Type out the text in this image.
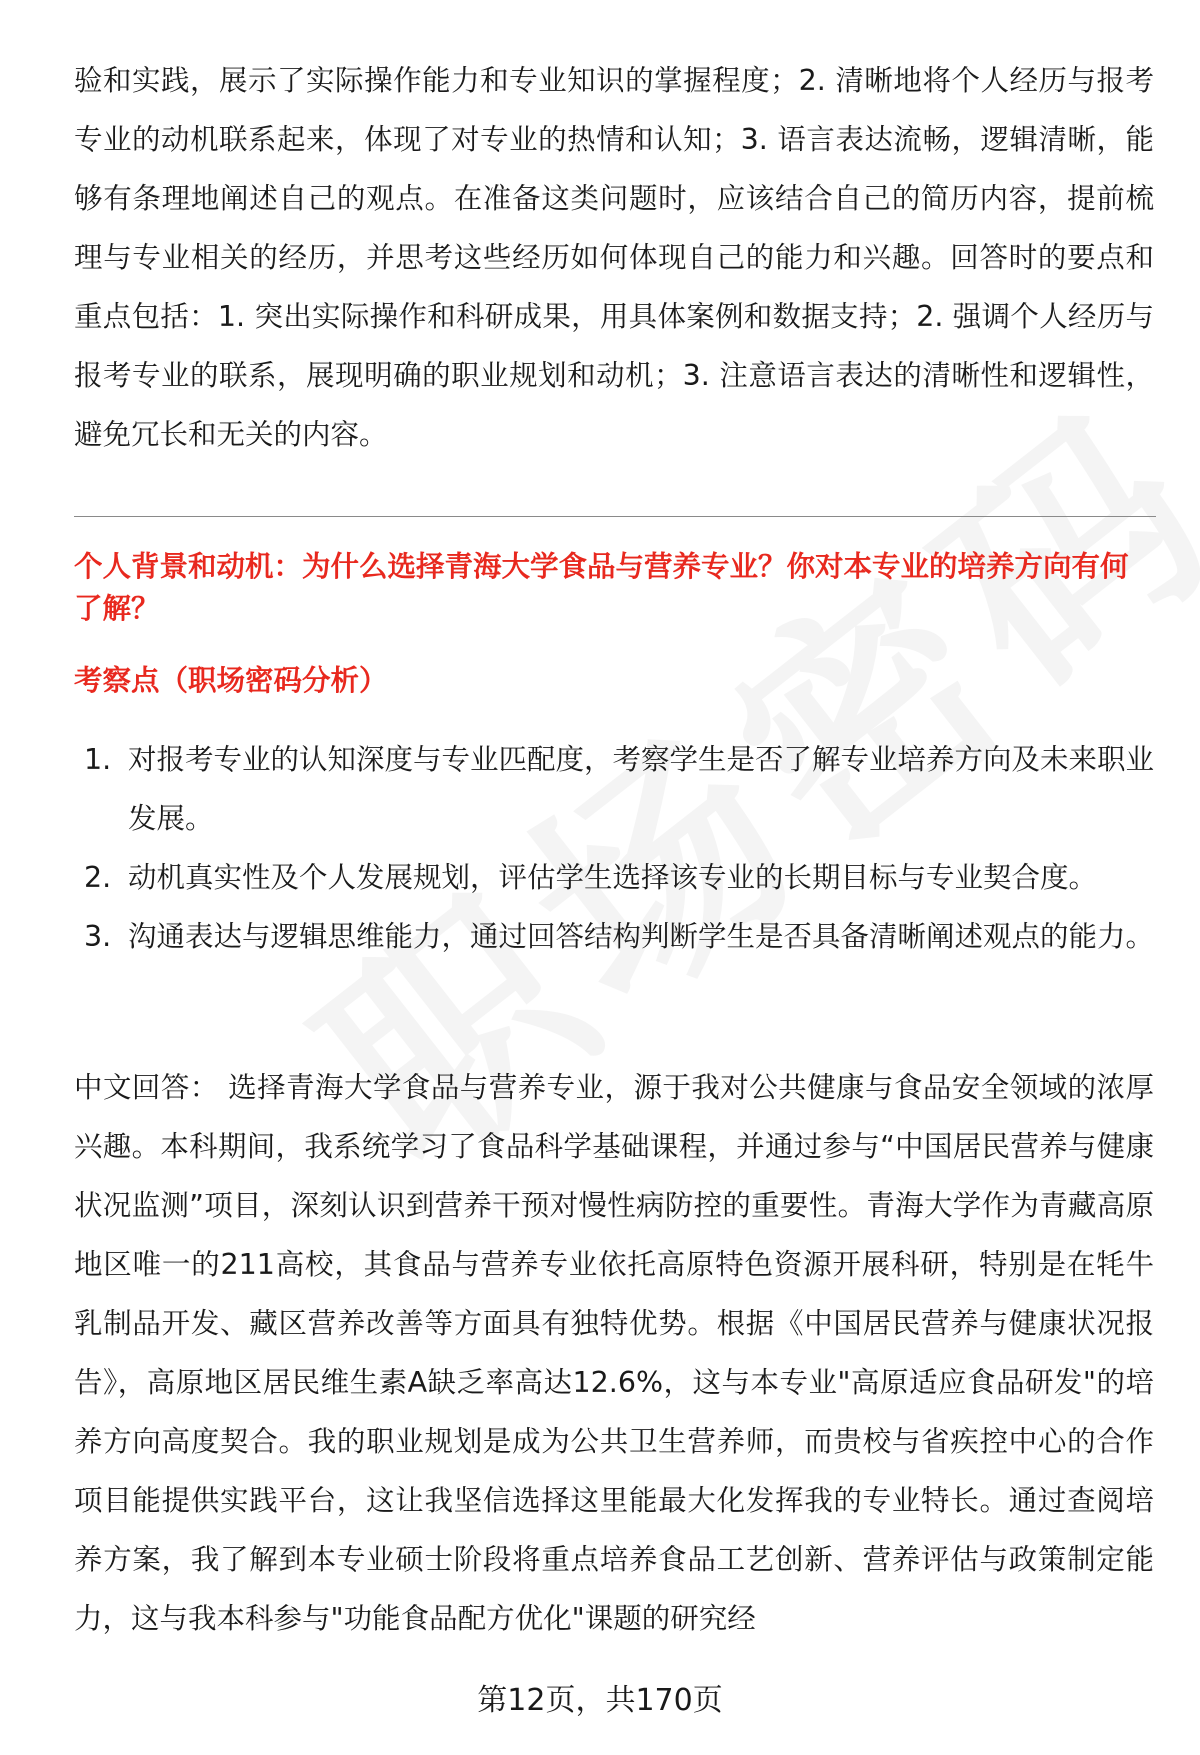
验和实践，展示了实际操作能力和专业知识的掌握程度；2. 清晰地将个人经历与报考专业的动机联系起来，体现了对专业的热情和认知；3. 语言表达流畅，逻辑清晰，能够有条理地阐述自己的观点。在准备这类问题时，应该结合自己的简历内容，提前梳理与专业相关的经历，并思考这些经历如何体现自己的能力和兴趣。回答时的要点和重点包括：1. 突出实际操作和科研成果，用具体案例和数据支持；2. 强调个人经历与报考专业的联系，展现明确的职业规划和动机；3. 注意语言表达的清晰性和逻辑性，避免冗长和无关的内容。

个人背景和动机：为什么选择青海大学食品与营养专业？你对本专业的培养方向有何了解？

考察点（职场密码分析）

1. 对报考专业的认知深度与专业匹配度，考察学生是否了解专业培养方向及未来职业发展。
2. 动机真实性及个人发展规划，评估学生选择该专业的长期目标与专业契合度。
3. 沟通表达与逻辑思维能力，通过回答结构判断学生是否具备清晰阐述观点的能力。

中文回答： 选择青海大学食品与营养专业，源于我对公共健康与食品安全领域的浓厚兴趣。本科期间，我系统学习了食品科学基础课程，并通过参与“中国居民营养与健康状况监测”项目，深刻认识到营养干预对慢性病防控的重要性。青海大学作为青藏高原地区唯一的211高校，其食品与营养专业依托高原特色资源开展科研，特别是在牦牛乳制品开发、藏区营养改善等方面具有独特优势。根据《中国居民营养与健康状况报告》，高原地区居民维生素A缺乏率高达12.6%，这与本专业"高原适应食品研发"的培养方向高度契合。我的职业规划是成为公共卫生营养师，而贵校与省疾控中心的合作项目能提供实践平台，这让我坚信选择这里能最大化发挥我的专业特长。通过查阅培养方案，我了解到本专业硕士阶段将重点培养食品工艺创新、营养评估与政策制定能力，这与我本科参与"功能食品配方优化"课题的研究经

第12页，共170页
